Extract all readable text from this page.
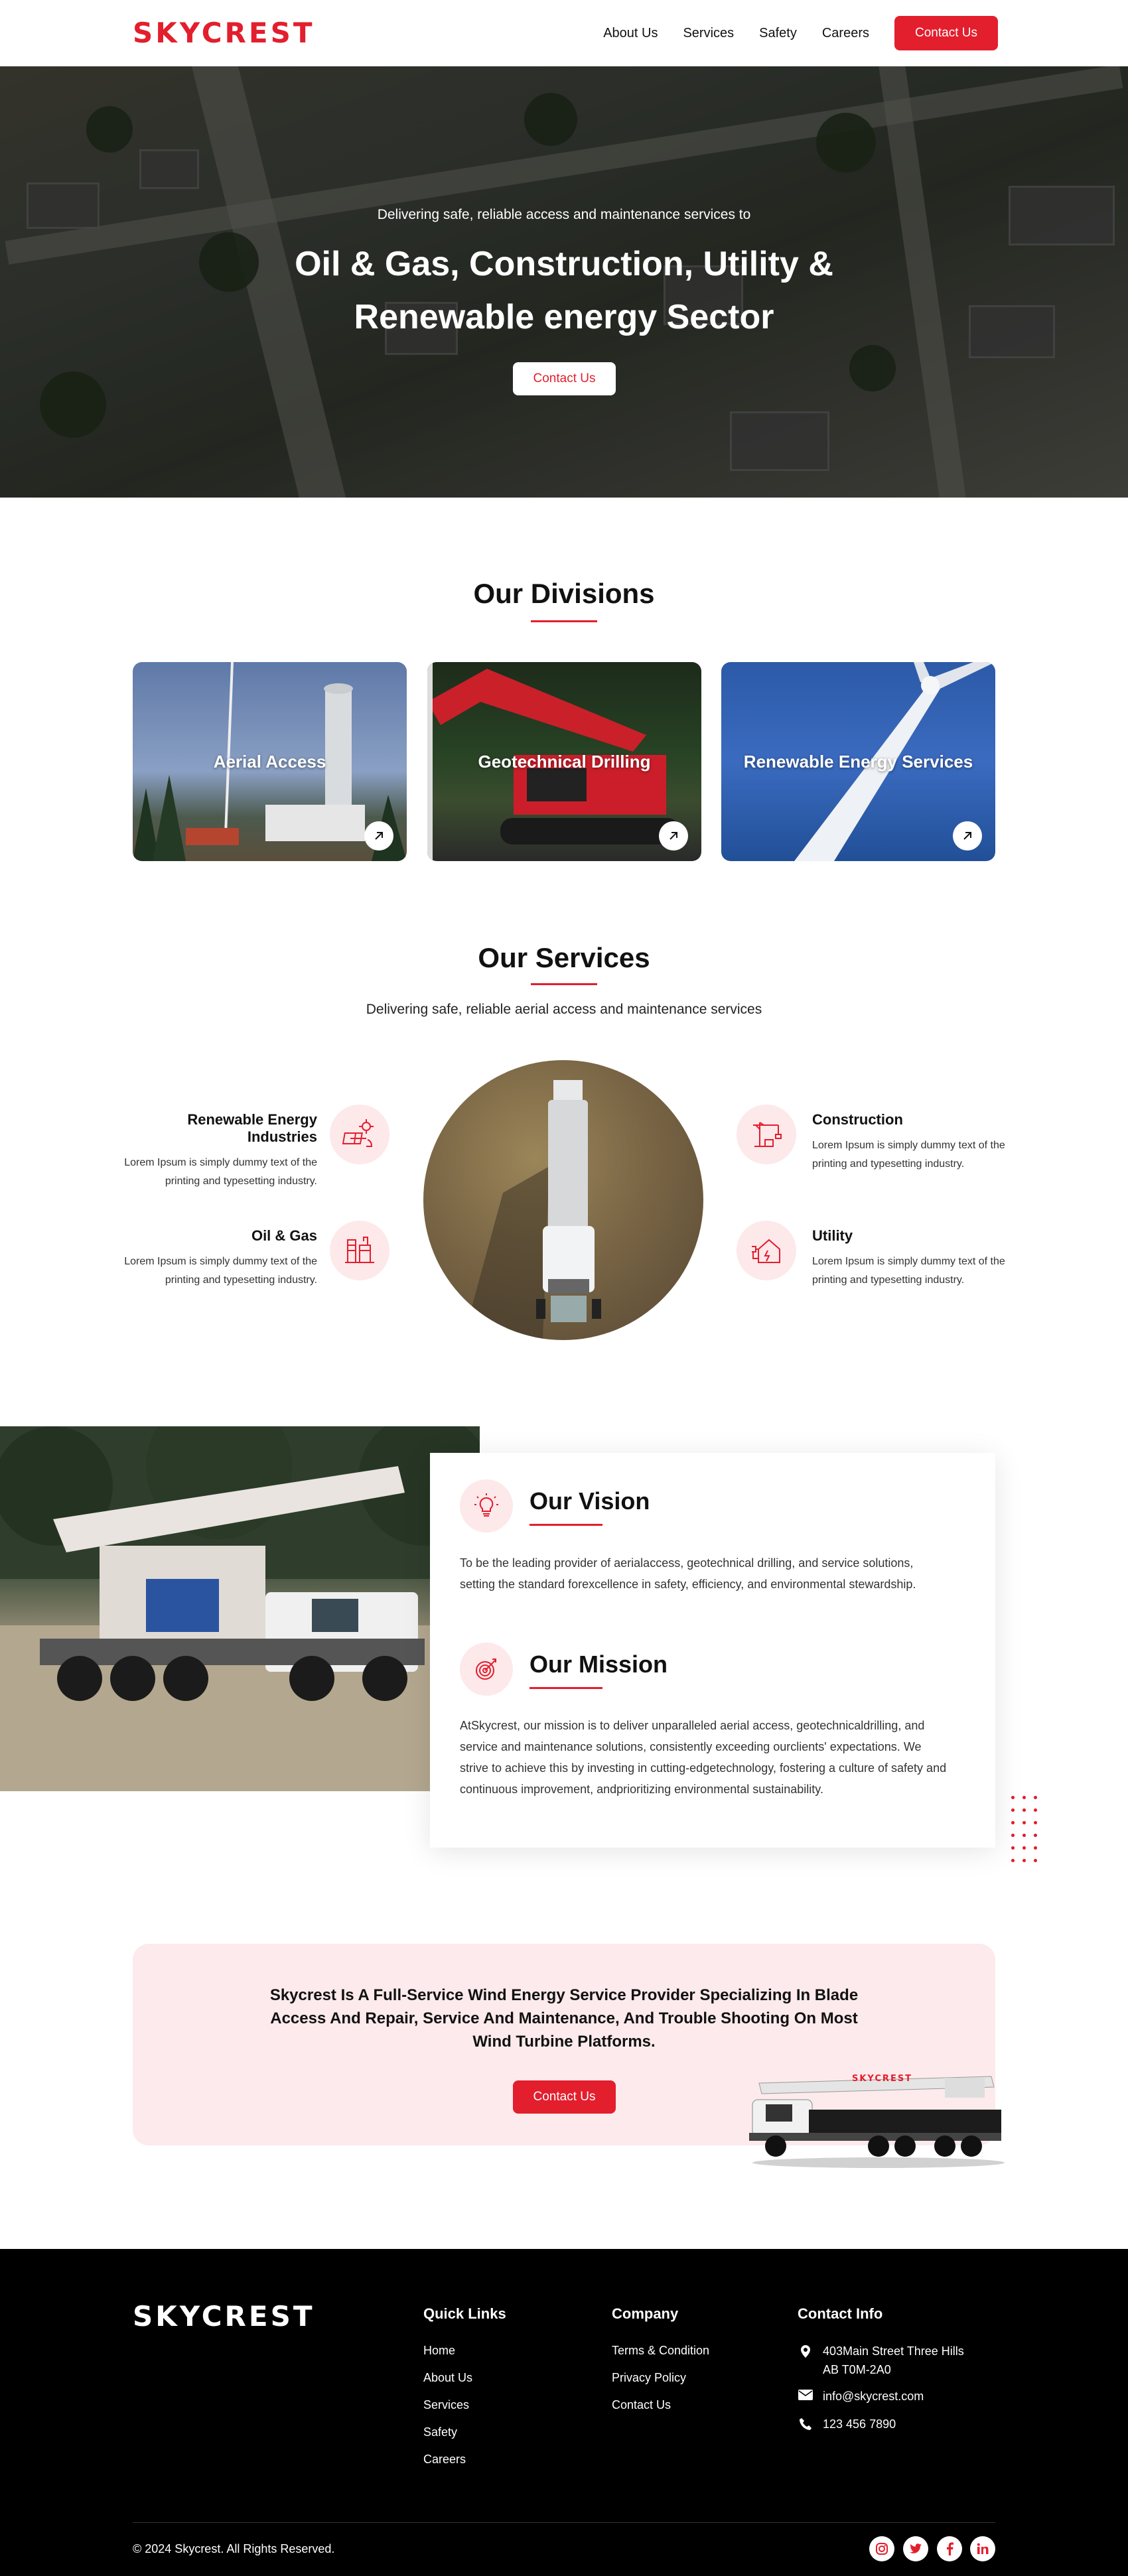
SKYCREST	About Us Services Safety Careers	Contact Us

Delivering safe, reliable access and maintenance services to

Oil & Gas, Construction, Utility &
Renewable energy Sector
Contact Us
Our Divisions
Aerial Access	Geotechnical Drilling	Renewable Energy Services
Our Services

Delivering safe, reliable aerial access and maintenance services

Renewable Energy Industries

Lorem Ipsum is simply dummy text of the printing and typesetting industry.

Oil & Gas

Lorem Ipsum is simply dummy text of the printing and typesetting industry.

Construction

Lorem Ipsum is simply dummy text of the printing and typesetting industry.

Utility

Lorem Ipsum is simply dummy text of the printing and typesetting industry.

Our Vision

To be the leading provider of aerialaccess, geotechnical drilling, and service solutions, setting the standard forexcellence in safety, efficiency, and environmental stewardship.

Our Mission

AtSkycrest, our mission is to deliver unparalleled aerial access, geotechnicaldrilling, and service and maintenance solutions, consistently exceeding ourclients' expectations. We strive to achieve this by investing in cutting-edgetechnology, fostering a culture of safety and continuous improvement, andprioritizing environmental sustainability.

Skycrest Is A Full-Service Wind Energy Service Provider Specializing In Blade Access And Repair, Service And Maintenance, And Trouble Shooting On Most Wind Turbine Platforms.

Contact Us
SKYCREST
SKYCREST	Quick Links
Home
About Us
Services
Safety
Careers
Company
Terms & Condition
Privacy Policy
Contact Us
Contact Info
403Main Street Three Hills
AB T0M-2A0
info@skycrest.com
123 456 7890

© 2024 Skycrest. All Rights Reserved.
